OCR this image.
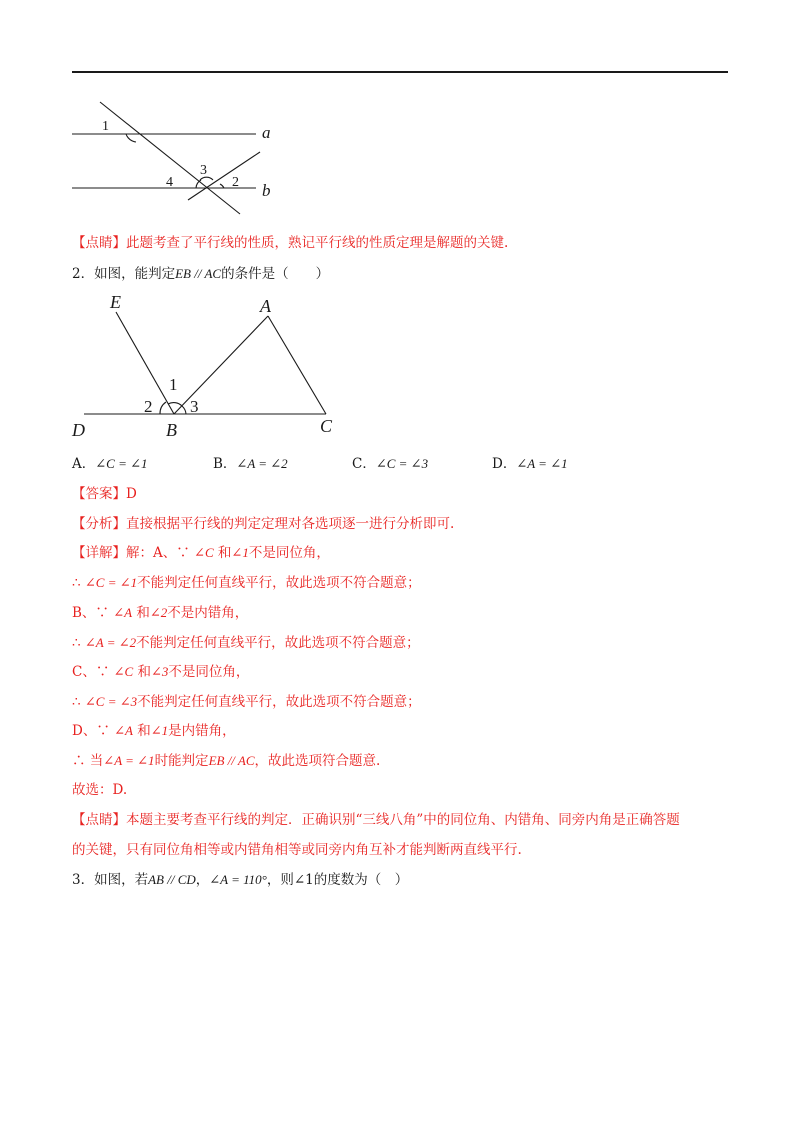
1
3
4	2
a
b
【点睛】此题考查了平行线的性质，熟记平行线的性质定理是解题的关键.
2．如图，能判定EB // AC的条件是（　　）
E	A
D	B	C
1
2 3
A．∠C = ∠1	B．∠A = ∠2	C．∠C = ∠3	D．∠A = ∠1
【答案】D
【分析】直接根据平行线的判定定理对各选项逐一进行分析即可.
【详解】解：A、∵ ∠C 和∠1不是同位角，
∴ ∠C = ∠1不能判定任何直线平行，故此选项不符合题意；
B、∵ ∠A 和∠2不是内错角，
∴ ∠A = ∠2不能判定任何直线平行，故此选项不符合题意；
C、∵ ∠C 和∠3不是同位角，
∴ ∠C = ∠3不能判定任何直线平行，故此选项不符合题意；
D、∵ ∠A 和∠1是内错角，
∴ 当∠A = ∠1时能判定EB // AC，故此选项符合题意.
故选：D.
【点睛】本题主要考查平行线的判定．正确识别“三线八角”中的同位角、内错角、同旁内角是正确答题
的关键，只有同位角相等或内错角相等或同旁内角互补才能判断两直线平行.
3．如图，若AB // CD，∠A = 110°，则∠1的度数为（　）
